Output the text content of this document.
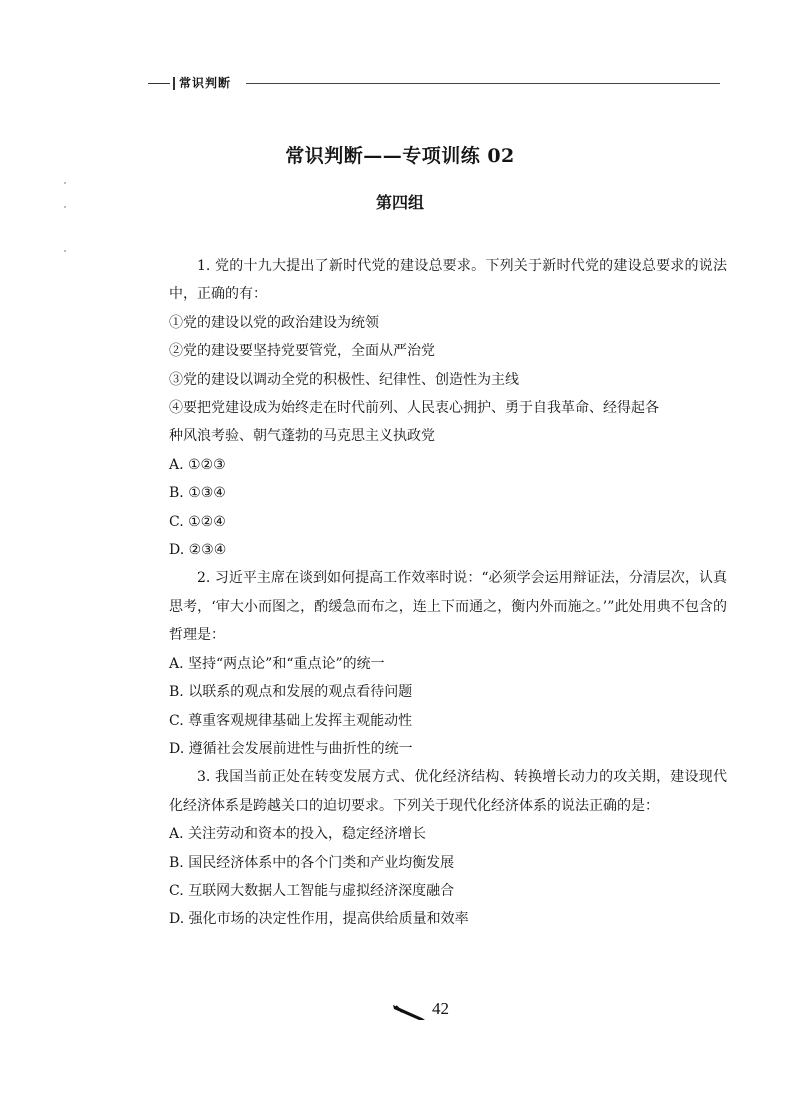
常识判断
常识判断——专项训练 02
第四组

1. 党的十九大提出了新时代党的建设总要求。下列关于新时代党的建设总要求的说法中，正确的有：

①党的建设以党的政治建设为统领

②党的建设要坚持党要管党，全面从严治党

③党的建设以调动全党的积极性、纪律性、创造性为主线

④要把党建设成为始终走在时代前列、人民衷心拥护、勇于自我革命、经得起各
种风浪考验、朝气蓬勃的马克思主义执政党

A. ①②③

B. ①③④

C. ①②④

D. ②③④

2. 习近平主席在谈到如何提高工作效率时说：“必须学会运用辩证法，分清层次，认真思考，‘审大小而图之，酌缓急而布之，连上下而通之，衡内外而施之。’”此处用典不包含的哲理是：

A. 坚持“两点论”和“重点论”的统一

B. 以联系的观点和发展的观点看待问题

C. 尊重客观规律基础上发挥主观能动性

D. 遵循社会发展前进性与曲折性的统一

3. 我国当前正处在转变发展方式、优化经济结构、转换增长动力的攻关期，建设现代化经济体系是跨越关口的迫切要求。下列关于现代化经济体系的说法正确的是：

A. 关注劳动和资本的投入，稳定经济增长

B. 国民经济体系中的各个门类和产业均衡发展

C. 互联网大数据人工智能与虚拟经济深度融合

D. 强化市场的决定性作用，提高供给质量和效率

42
